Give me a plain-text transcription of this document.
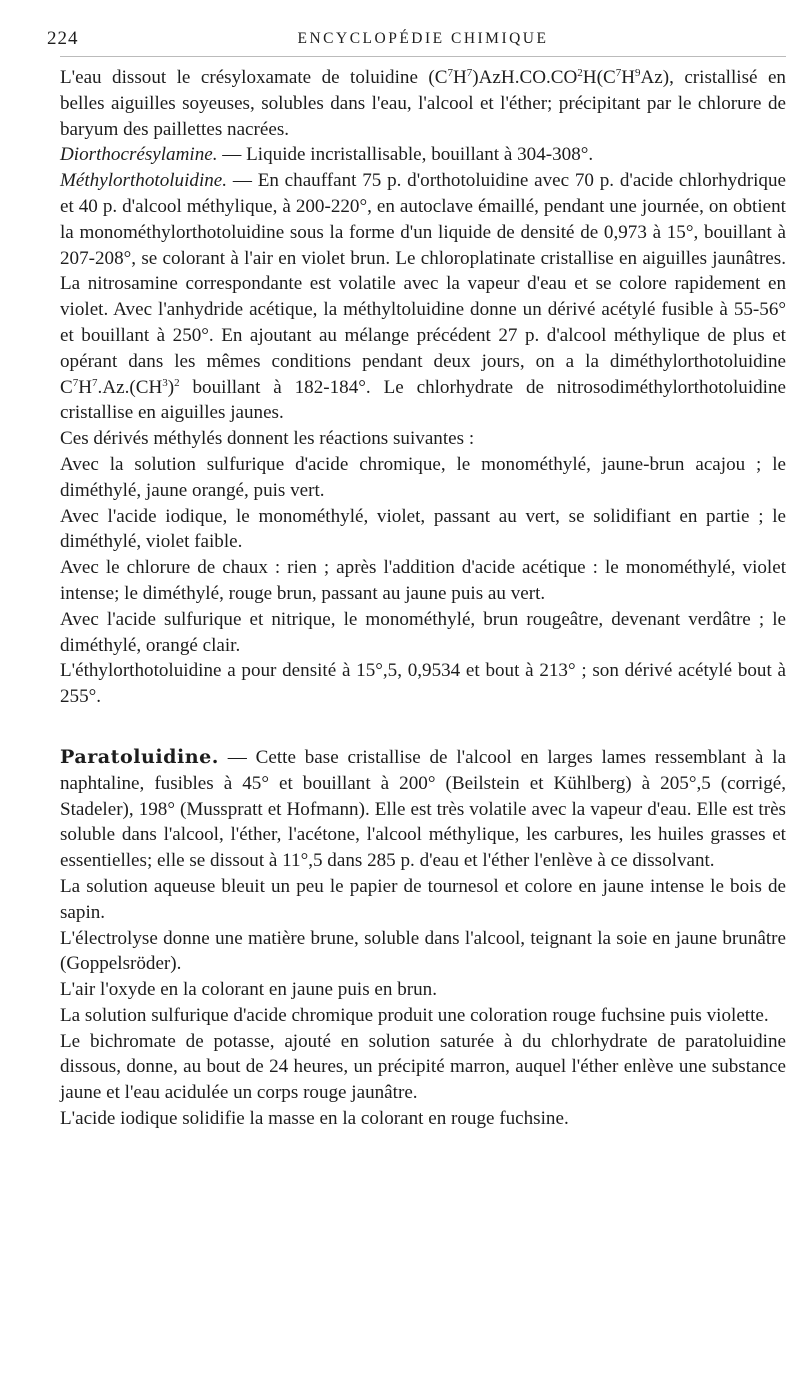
224	ENCYCLOPÉDIE CHIMIQUE

L'eau dissout le crésyloxamate de toluidine $(C^7H^7)AzH.CO.CO^2H(C^7H^9Az)$, cristallisé en belles aiguilles soyeuses, solubles dans l'eau, l'alcool et l'éther; précipitant par le chlorure de baryum des paillettes nacrées.

Diorthocrésylamine. — Liquide incristallisable, bouillant à 304-308°.

Méthylorthotoluidine. — En chauffant 75 p. d'orthotoluidine avec 70 p. d'acide chlorhydrique et 40 p. d'alcool méthylique, à 200-220°, en autoclave émaillé, pendant une journée, on obtient la monométhylorthotoluidine sous la forme d'un liquide de densité de 0,973 à 15°, bouillant à 207-208°, se colorant à l'air en violet brun. Le chloroplatinate cristallise en aiguilles jaunâtres. La nitrosamine correspondante est volatile avec la vapeur d'eau et se colore rapidement en violet. Avec l'anhydride acétique, la méthyltoluidine donne un dérivé acétylé fusible à 55-56° et bouillant à 250°. En ajoutant au mélange précédent 27 p. d'alcool méthylique de plus et opérant dans les mêmes conditions pendant deux jours, on a la diméthylorthotoluidine $C^7H^7.Az.(CH^3)^2$ bouillant à 182-184°. Le chlorhydrate de nitrosodiméthylorthotoluidine cristallise en aiguilles jaunes.

Ces dérivés méthylés donnent les réactions suivantes :

Avec la solution sulfurique d'acide chromique, le monométhylé, jaune-brun acajou ; le diméthylé, jaune orangé, puis vert.

Avec l'acide iodique, le monométhylé, violet, passant au vert, se solidifiant en partie ; le diméthylé, violet faible.

Avec le chlorure de chaux : rien ; après l'addition d'acide acétique : le monométhylé, violet intense; le diméthylé, rouge brun, passant au jaune puis au vert.

Avec l'acide sulfurique et nitrique, le monométhylé, brun rougeâtre, devenant verdâtre ; le diméthylé, orangé clair.

L'éthylorthotoluidine a pour densité à 15°,5, 0,9534 et bout à 213° ; son dérivé acétylé bout à 255°.

Paratoluidine. — Cette base cristallise de l'alcool en larges lames ressemblant à la naphtaline, fusibles à 45° et bouillant à 200° (Beilstein et Kühlberg) à 205°,5 (corrigé, Stadeler), 198° (Musspratt et Hofmann). Elle est très volatile avec la vapeur d'eau. Elle est très soluble dans l'alcool, l'éther, l'acétone, l'alcool méthylique, les carbures, les huiles grasses et essentielles; elle se dissout à 11°,5 dans 285 p. d'eau et l'éther l'enlève à ce dissolvant.

La solution aqueuse bleuit un peu le papier de tournesol et colore en jaune intense le bois de sapin.

L'électrolyse donne une matière brune, soluble dans l'alcool, teignant la soie en jaune brunâtre (Goppelsröder).

L'air l'oxyde en la colorant en jaune puis en brun.

La solution sulfurique d'acide chromique produit une coloration rouge fuchsine puis violette.

Le bichromate de potasse, ajouté en solution saturée à du chlorhydrate de paratoluidine dissous, donne, au bout de 24 heures, un précipité marron, auquel l'éther enlève une substance jaune et l'eau acidulée un corps rouge jaunâtre.

L'acide iodique solidifie la masse en la colorant en rouge fuchsine.
